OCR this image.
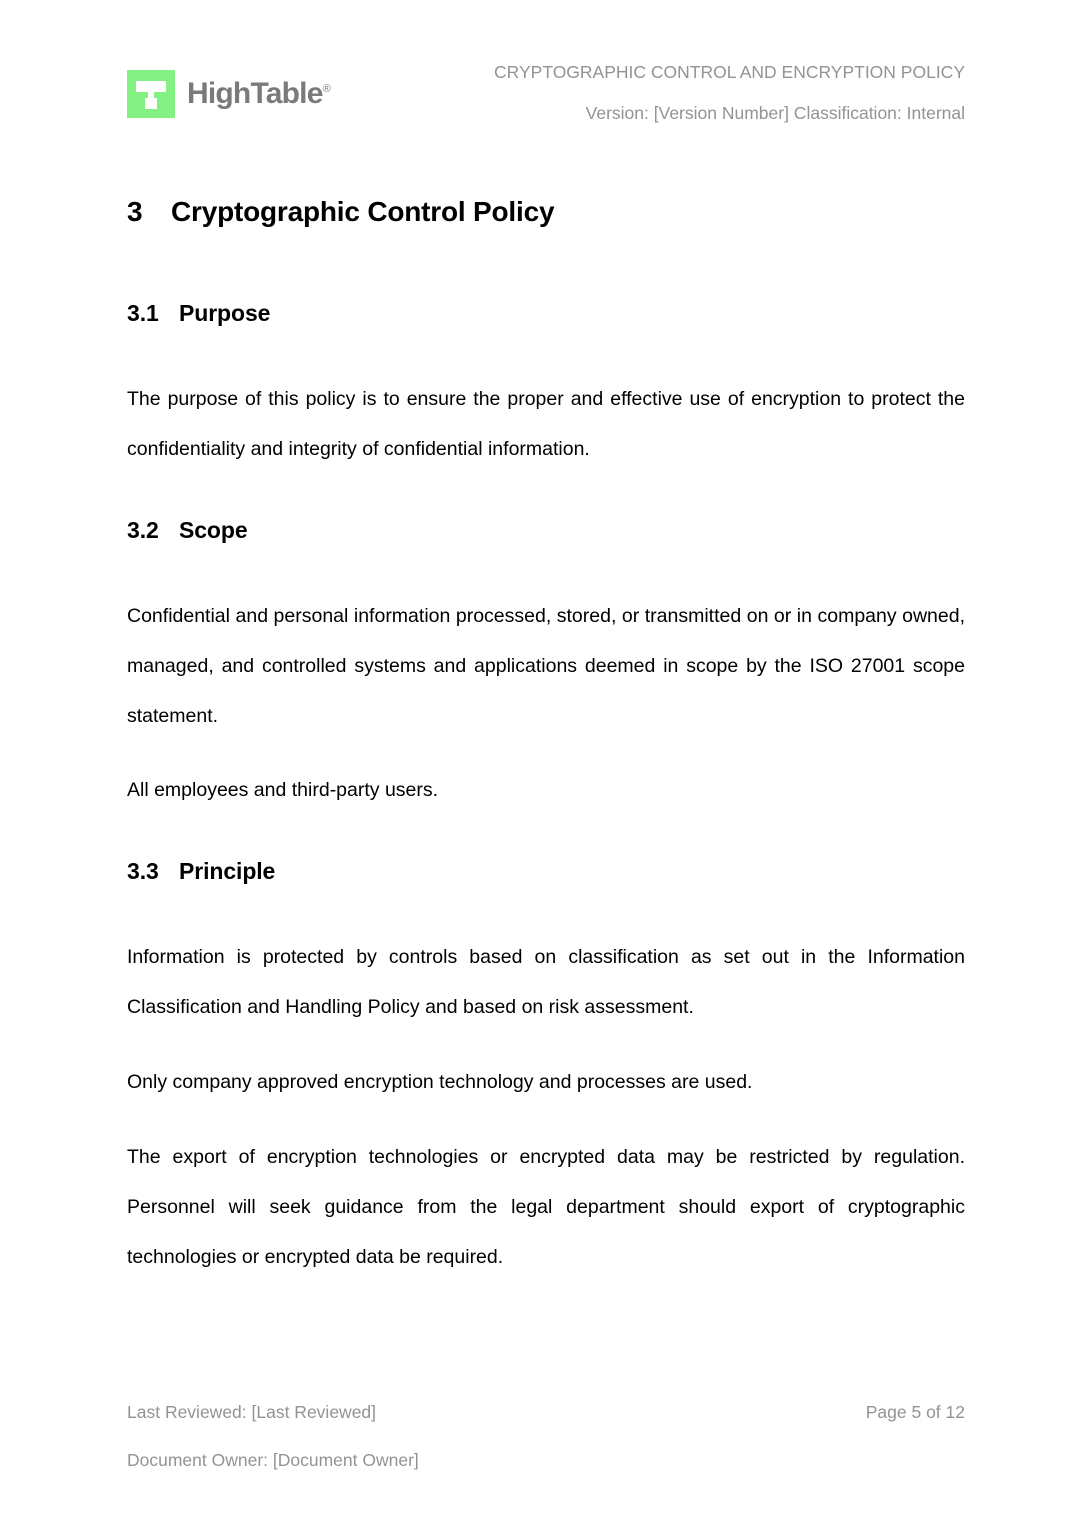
HighTable®
CRYPTOGRAPHIC CONTROL AND ENCRYPTION POLICY
Version: [Version Number] Classification: Internal
3 Cryptographic Control Policy
3.1 Purpose

The purpose of this policy is to ensure the proper and effective use of encryption to protect the confidentiality and integrity of confidential information.

3.2 Scope

Confidential and personal information processed, stored, or transmitted on or in company owned, managed, and controlled systems and applications deemed in scope by the ISO 27001 scope statement.

All employees and third-party users.

3.3 Principle

Information is protected by controls based on classification as set out in the Information Classification and Handling Policy and based on risk assessment.

Only company approved encryption technology and processes are used.

The export of encryption technologies or encrypted data may be restricted by regulation. Personnel will seek guidance from the legal department should export of cryptographic technologies or encrypted data be required.

Last Reviewed: [Last Reviewed]	Page 5 of 12
Document Owner: [Document Owner]
